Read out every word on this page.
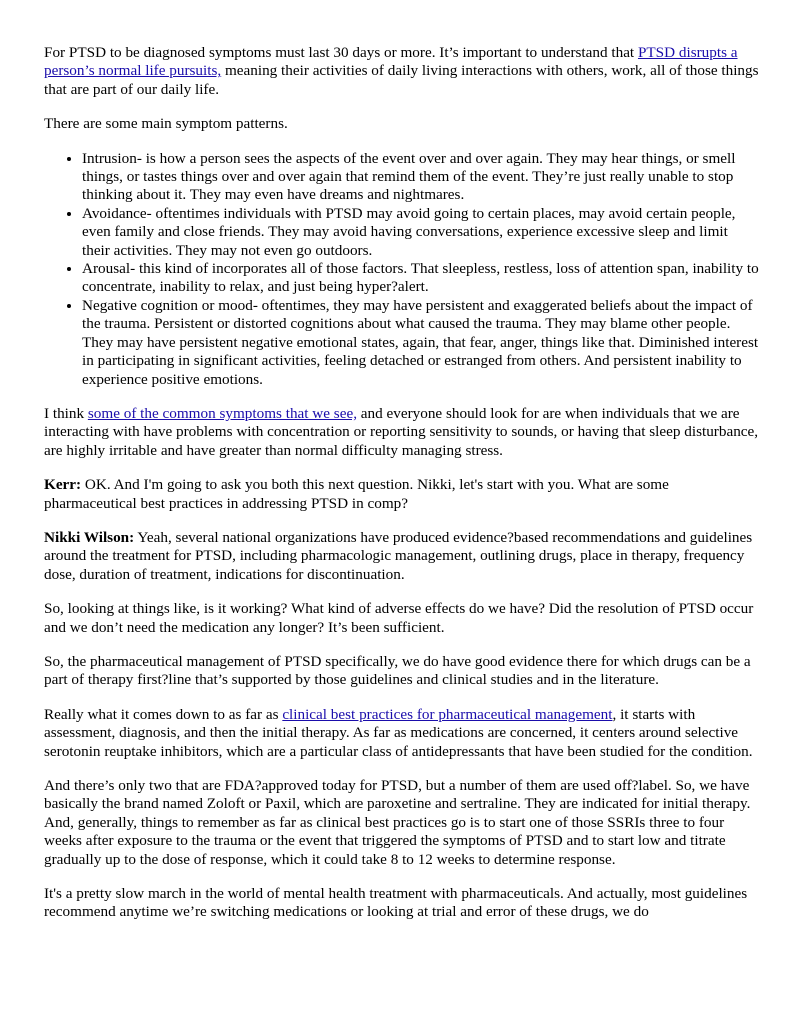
For PTSD to be diagnosed symptoms must last 30 days or more. It’s important to understand that PTSD disrupts a person’s normal life pursuits, meaning their activities of daily living interactions with others, work, all of those things that are part of our daily life.

There are some main symptom patterns.

• Intrusion- is how a person sees the aspects of the event over and over again. They may hear things, or smell things, or tastes things over and over again that remind them of the event. They’re just really unable to stop thinking about it. They may even have dreams and nightmares.
• Avoidance- oftentimes individuals with PTSD may avoid going to certain places, may avoid certain people, even family and close friends. They may avoid having conversations, experience excessive sleep and limit their activities. They may not even go outdoors.
• Arousal- this kind of incorporates all of those factors. That sleepless, restless, loss of attention span, inability to concentrate, inability to relax, and just being hyper?alert.
• Negative cognition or mood- oftentimes, they may have persistent and exaggerated beliefs about the impact of the trauma. Persistent or distorted cognitions about what caused the trauma. They may blame other people. They may have persistent negative emotional states, again, that fear, anger, things like that. Diminished interest in participating in significant activities, feeling detached or estranged from others. And persistent inability to experience positive emotions.

I think some of the common symptoms that we see, and everyone should look for are when individuals that we are interacting with have problems with concentration or reporting sensitivity to sounds, or having that sleep disturbance, are highly irritable and have greater than normal difficulty managing stress.

Kerr: OK. And I'm going to ask you both this next question. Nikki, let's start with you. What are some pharmaceutical best practices in addressing PTSD in comp?

Nikki Wilson: Yeah, several national organizations have produced evidence?based recommendations and guidelines around the treatment for PTSD, including pharmacologic management, outlining drugs, place in therapy, frequency dose, duration of treatment, indications for discontinuation.

So, looking at things like, is it working? What kind of adverse effects do we have? Did the resolution of PTSD occur and we don’t need the medication any longer? It’s been sufficient.

So, the pharmaceutical management of PTSD specifically, we do have good evidence there for which drugs can be a part of therapy first?line that’s supported by those guidelines and clinical studies and in the literature.

Really what it comes down to as far as clinical best practices for pharmaceutical management, it starts with assessment, diagnosis, and then the initial therapy. As far as medications are concerned, it centers around selective serotonin reuptake inhibitors, which are a particular class of antidepressants that have been studied for the condition.

And there’s only two that are FDA?approved today for PTSD, but a number of them are used off?label. So, we have basically the brand named Zoloft or Paxil, which are paroxetine and sertraline. They are indicated for initial therapy. And, generally, things to remember as far as clinical best practices go is to start one of those SSRIs three to four weeks after exposure to the trauma or the event that triggered the symptoms of PTSD and to start low and titrate gradually up to the dose of response, which it could take 8 to 12 weeks to determine response.

It's a pretty slow march in the world of mental health treatment with pharmaceuticals. And actually, most guidelines recommend anytime we’re switching medications or looking at trial and error of these drugs, we do
